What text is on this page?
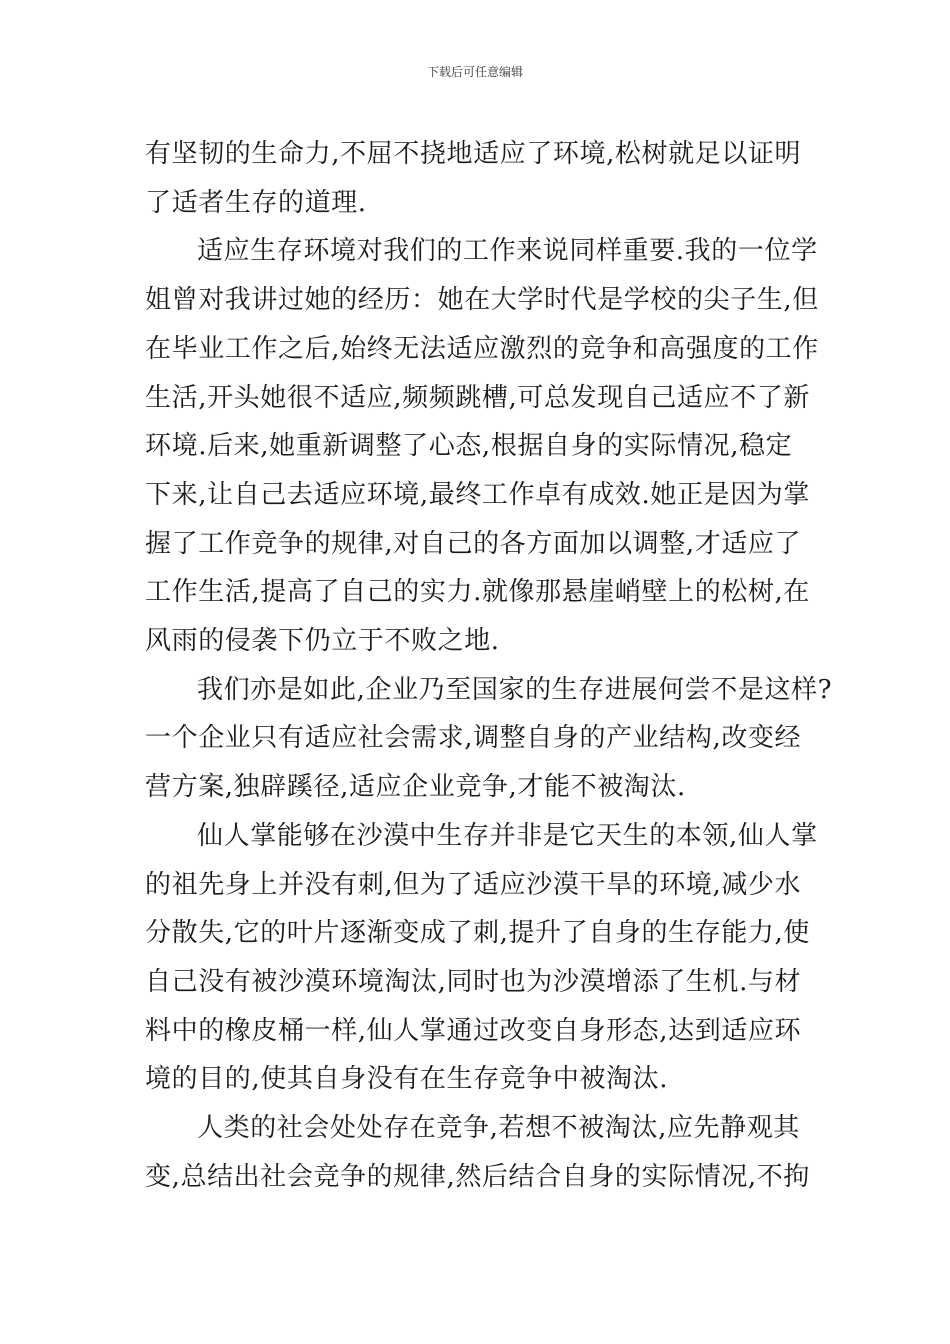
下载后可任意编辑

有坚韧的生命力,不屈不挠地适应了环境,松树就足以证明
了适者生存的道理.

适应生存环境对我们的工作来说同样重要.我的一位学
姐曾对我讲过她的经历：她在大学时代是学校的尖子生,但
在毕业工作之后,始终无法适应激烈的竞争和高强度的工作
生活,开头她很不适应,频频跳槽,可总发现自己适应不了新
环境.后来,她重新调整了心态,根据自身的实际情况,稳定
下来,让自己去适应环境,最终工作卓有成效.她正是因为掌
握了工作竞争的规律,对自己的各方面加以调整,才适应了
工作生活,提高了自己的实力.就像那悬崖峭壁上的松树,在
风雨的侵袭下仍立于不败之地.

我们亦是如此,企业乃至国家的生存进展何尝不是这样?
一个企业只有适应社会需求,调整自身的产业结构,改变经
营方案,独辟蹊径,适应企业竞争,才能不被淘汰.

仙人掌能够在沙漠中生存并非是它天生的本领,仙人掌
的祖先身上并没有刺,但为了适应沙漠干旱的环境,减少水
分散失,它的叶片逐渐变成了刺,提升了自身的生存能力,使
自己没有被沙漠环境淘汰,同时也为沙漠增添了生机.与材
料中的橡皮桶一样,仙人掌通过改变自身形态,达到适应环
境的目的,使其自身没有在生存竞争中被淘汰.

人类的社会处处存在竞争,若想不被淘汰,应先静观其
变,总结出社会竞争的规律,然后结合自身的实际情况,不拘
